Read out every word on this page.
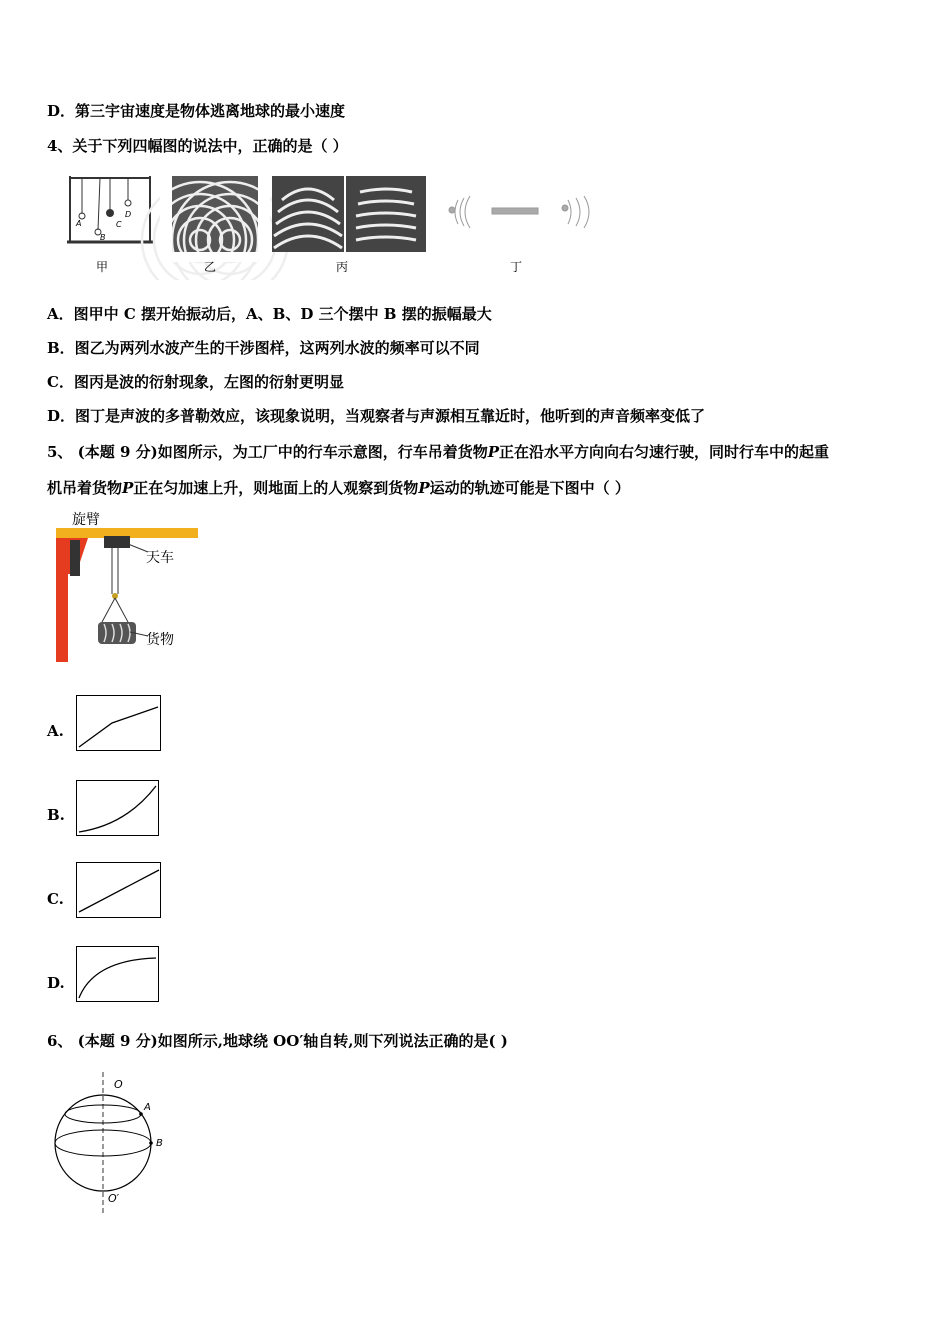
D．第三宇宙速度是物体逃离地球的最小速度
4、关于下列四幅图的说法中，正确的是（ ）
A
B
C
D
甲	乙	丙	丁
A．图甲中 C 摆开始振动后，A、B、D 三个摆中 B 摆的振幅最大
B．图乙为两列水波产生的干涉图样，这两列水波的频率可以不同
C．图丙是波的衍射现象，左图的衍射更明显
D．图丁是声波的多普勒效应，该现象说明，当观察者与声源相互靠近时，他听到的声音频率变低了
5、 (本题 9 分)如图所示，为工厂中的行车示意图，行车吊着货物P正在沿水平方向向右匀速行驶，同时行车中的起重
机吊着货物P正在匀加速上升，则地面上的人观察到货物P运动的轨迹可能是下图中（ ）
旋臂
天车
货物
A.
B.
C.
D.
6、 (本题 9 分)如图所示,地球绕 OO′轴自转,则下列说法正确的是( )
O
A
B
O′
